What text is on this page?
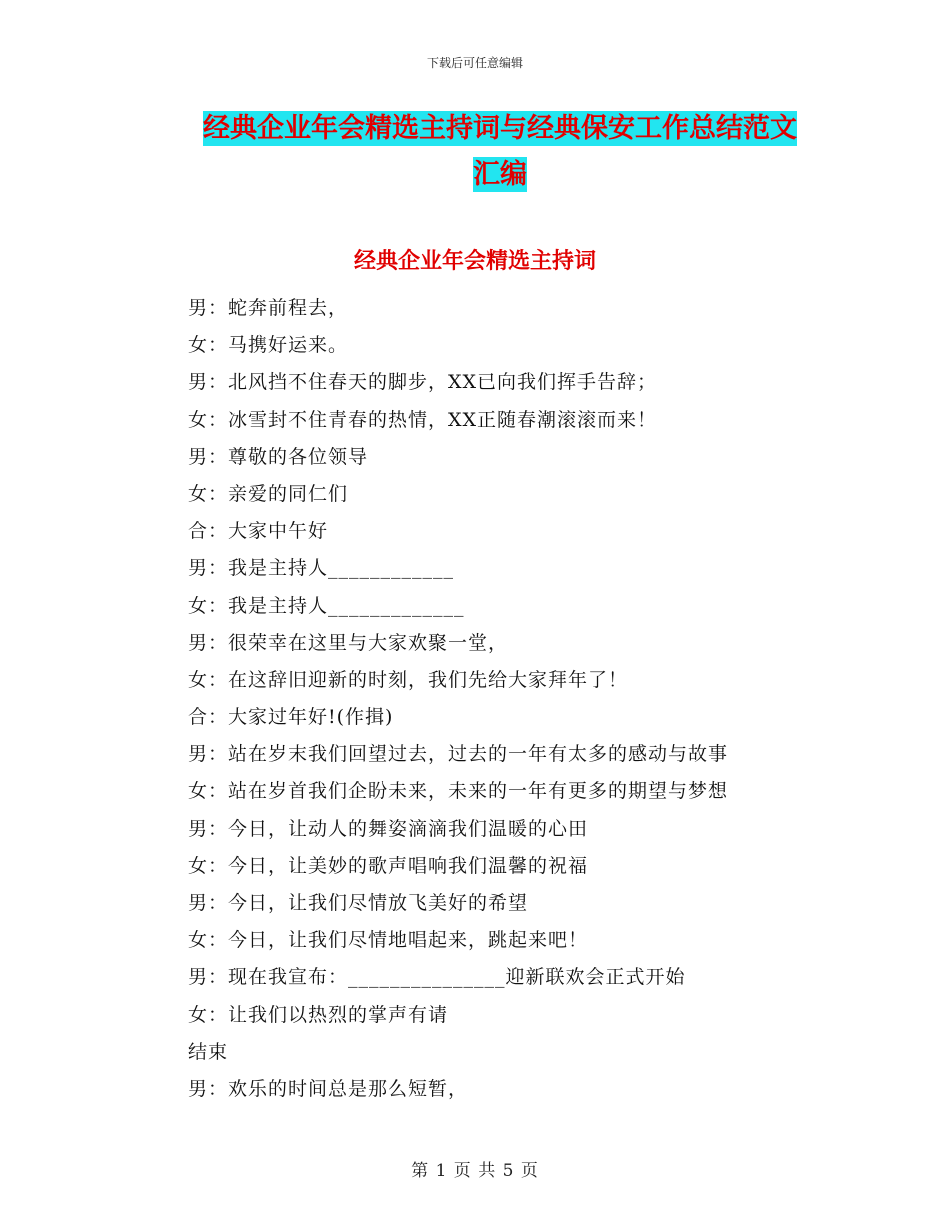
下载后可任意编辑
经典企业年会精选主持词与经典保安工作总结范文汇编
经典企业年会精选主持词
男：蛇奔前程去，
女：马携好运来。
男：北风挡不住春天的脚步，XX已向我们挥手告辞；
女：冰雪封不住青春的热情，XX正随春潮滚滚而来！
男：尊敬的各位领导
女：亲爱的同仁们
合：大家中午好
男：我是主持人____________
女：我是主持人_____________
男：很荣幸在这里与大家欢聚一堂，
女：在这辞旧迎新的时刻，我们先给大家拜年了！
合：大家过年好!(作揖)
男：站在岁末我们回望过去，过去的一年有太多的感动与故事
女：站在岁首我们企盼未来，未来的一年有更多的期望与梦想
男：今日，让动人的舞姿滴滴我们温暖的心田
女：今日，让美妙的歌声唱响我们温馨的祝福
男：今日，让我们尽情放飞美好的希望
女：今日，让我们尽情地唱起来，跳起来吧！
男：现在我宣布：_______________迎新联欢会正式开始
女：让我们以热烈的掌声有请
结束
男：欢乐的时间总是那么短暂，
第 1 页 共 5 页
